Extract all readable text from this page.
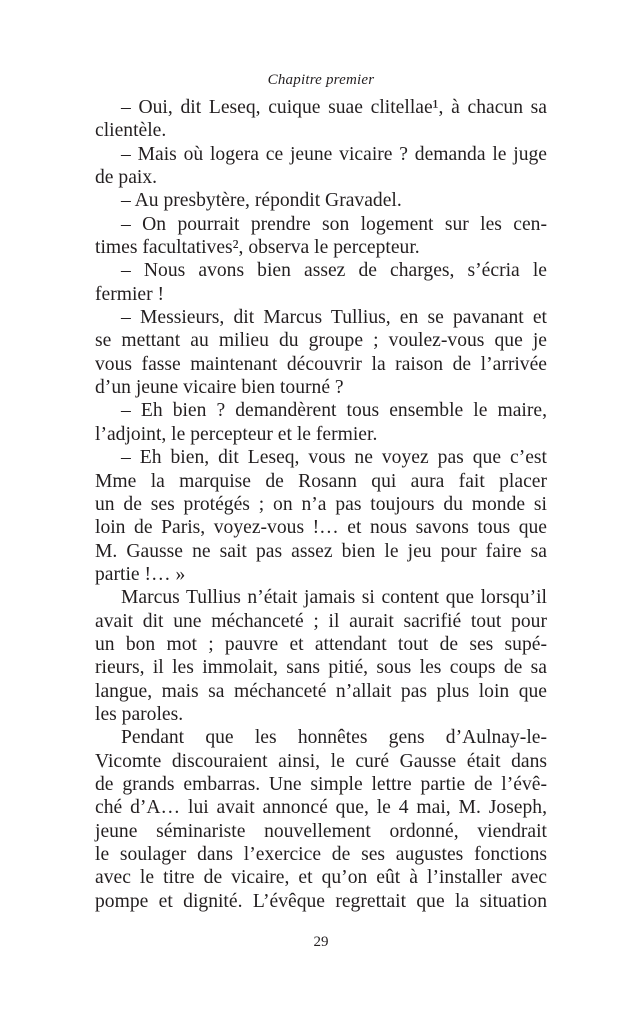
Chapitre premier
– Oui, dit Leseq, cuique suae clitellae¹, à chacun sa
clientèle.
– Mais où logera ce jeune vicaire ? demanda le juge
de paix.
– Au presbytère, répondit Gravadel.
– On pourrait prendre son logement sur les cen-
times facultatives², observa le percepteur.
– Nous avons bien assez de charges, s’écria le
fermier !
– Messieurs, dit Marcus Tullius, en se pavanant et
se mettant au milieu du groupe ; voulez-vous que je
vous fasse maintenant découvrir la raison de l’arrivée
d’un jeune vicaire bien tourné ?
– Eh bien ? demandèrent tous ensemble le maire,
l’adjoint, le percepteur et le fermier.
– Eh bien, dit Leseq, vous ne voyez pas que c’est
Mme la marquise de Rosann qui aura fait placer
un de ses protégés ; on n’a pas toujours du monde si
loin de Paris, voyez-vous !… et nous savons tous que
M. Gausse ne sait pas assez bien le jeu pour faire sa
partie !… »
Marcus Tullius n’était jamais si content que lorsqu’il
avait dit une méchanceté ; il aurait sacrifié tout pour
un bon mot ; pauvre et attendant tout de ses supé-
rieurs, il les immolait, sans pitié, sous les coups de sa
langue, mais sa méchanceté n’allait pas plus loin que
les paroles.
Pendant que les honnêtes gens d’Aulnay-le-
Vicomte discouraient ainsi, le curé Gausse était dans
de grands embarras. Une simple lettre partie de l’évê-
ché d’A… lui avait annoncé que, le 4 mai, M. Joseph,
jeune séminariste nouvellement ordonné, viendrait
le soulager dans l’exercice de ses augustes fonctions
avec le titre de vicaire, et qu’on eût à l’installer avec
pompe et dignité. L’évêque regrettait que la situation
29
